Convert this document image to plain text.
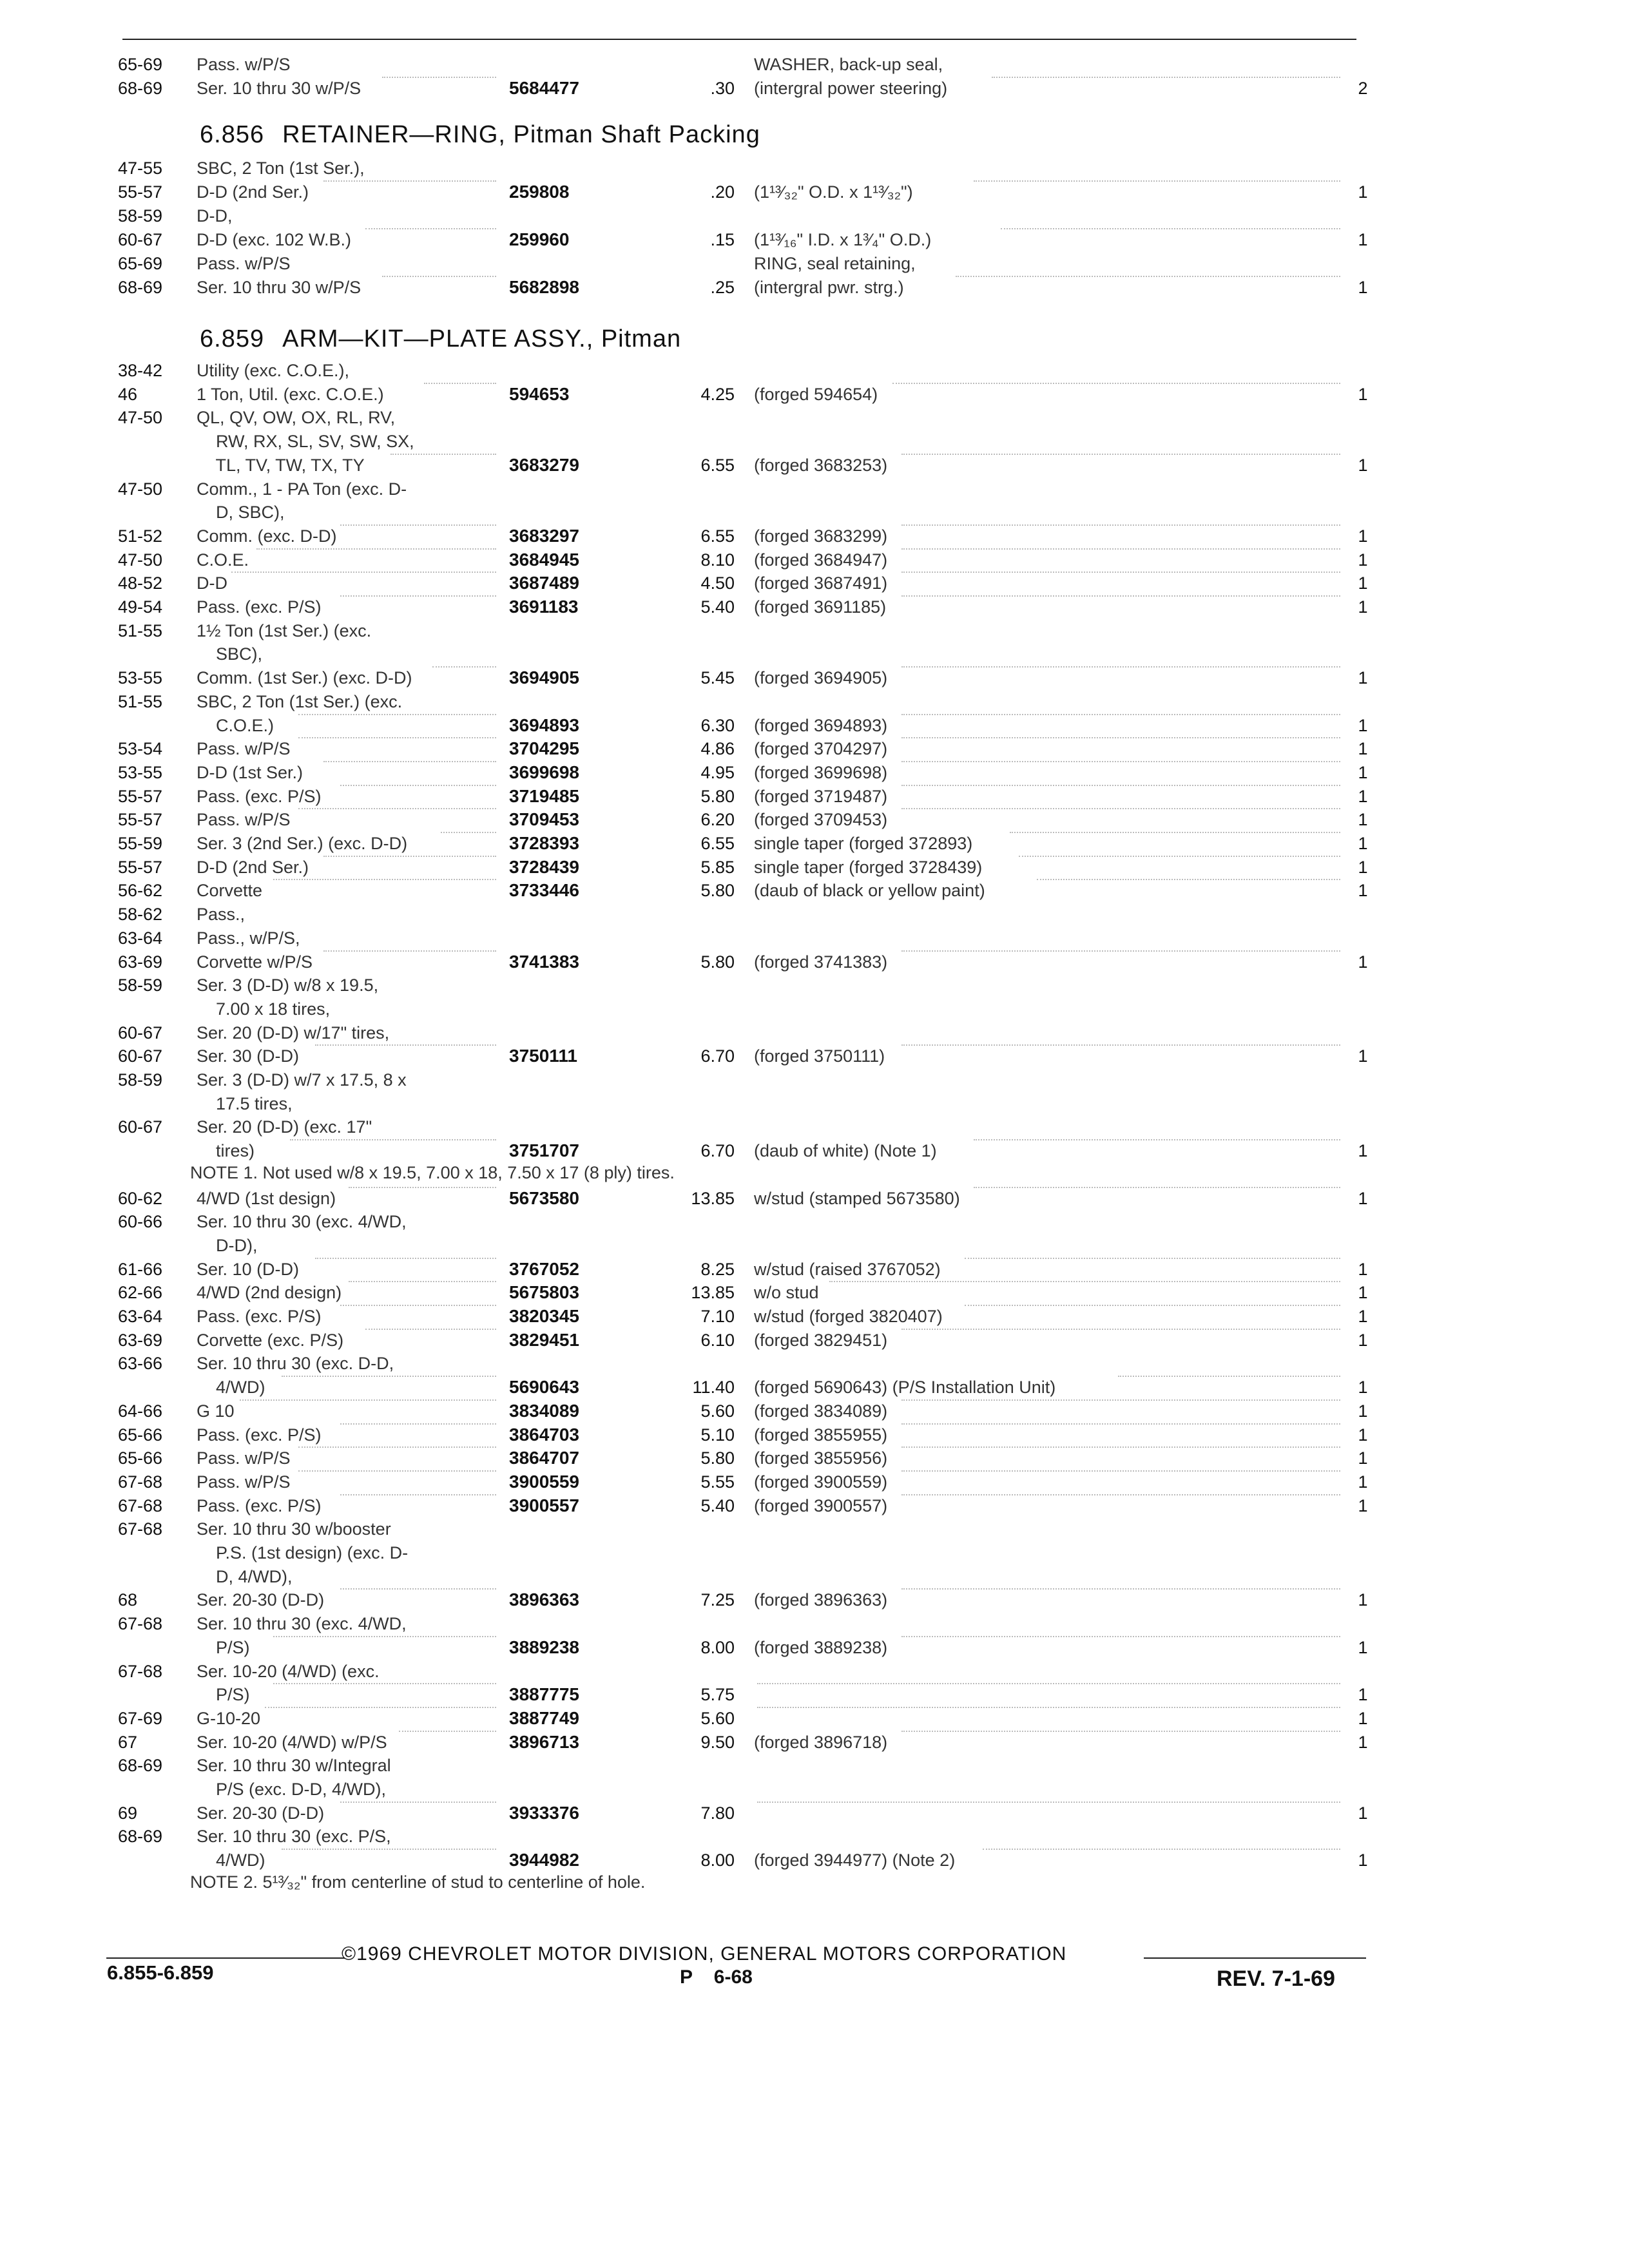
65-69	Pass. w/P/S	WASHER, back-up seal,
68-69	Ser. 10 thru 30 w/P/S	5684477	.30 (intergral power steering)	2
6.856 RETAINER—RING, Pitman Shaft Packing
47-55	SBC, 2 Ton (1st Ser.),
55-57	D-D (2nd Ser.)	259808	.20 (1¹³⁄₃₂" O.D. x 1¹³⁄₃₂")	1
58-59	D-D,
60-67	D-D (exc. 102 W.B.)	259960	.15 (1¹³⁄₁₆" I.D. x 1³⁄₄" O.D.)	1
65-69	Pass. w/P/S	RING, seal retaining,
68-69	Ser. 10 thru 30 w/P/S	5682898	.25 (intergral pwr. strg.)	1
6.859 ARM—KIT—PLATE ASSY., Pitman
38-42	Utility (exc. C.O.E.),
46	1 Ton, Util. (exc. C.O.E.)	594653	4.25 (forged 594654)	1
47-50	QL, QV, OW, OX, RL, RV,
RW, RX, SL, SV, SW, SX,
TL, TV, TW, TX, TY	3683279	6.55 (forged 3683253)	1
47-50	Comm., 1 - PA Ton (exc. D-
D, SBC),
51-52	Comm. (exc. D-D)	3683297	6.55 (forged 3683299)	1
47-50	C.O.E.	3684945	8.10 (forged 3684947)	1
48-52	D-D	3687489	4.50 (forged 3687491)	1
49-54	Pass. (exc. P/S)	3691183	5.40 (forged 3691185)	1
51-55	1½ Ton (1st Ser.) (exc.
SBC),
53-55	Comm. (1st Ser.) (exc. D-D)	3694905	5.45 (forged 3694905)	1
51-55	SBC, 2 Ton (1st Ser.) (exc.
C.O.E.)	3694893	6.30 (forged 3694893)	1
53-54	Pass. w/P/S	3704295	4.86 (forged 3704297)	1
53-55	D-D (1st Ser.)	3699698	4.95 (forged 3699698)	1
55-57	Pass. (exc. P/S)	3719485	5.80 (forged 3719487)	1
55-57	Pass. w/P/S	3709453	6.20 (forged 3709453)	1
55-59	Ser. 3 (2nd Ser.) (exc. D-D)	3728393	6.55 single taper (forged 372893)	1
55-57	D-D (2nd Ser.)	3728439	5.85 single taper (forged 3728439)	1
56-62	Corvette	3733446	5.80 (daub of black or yellow paint)	1
58-62	Pass.,
63-64	Pass., w/P/S,
63-69	Corvette w/P/S	3741383	5.80 (forged 3741383)	1
58-59	Ser. 3 (D-D) w/8 x 19.5,
7.00 x 18 tires,
60-67	Ser. 20 (D-D) w/17" tires,
60-67	Ser. 30 (D-D)	3750111	6.70 (forged 3750111)	1
58-59	Ser. 3 (D-D) w/7 x 17.5, 8 x
17.5 tires,
60-67	Ser. 20 (D-D) (exc. 17"
tires)	3751707	6.70 (daub of white) (Note 1)	1
NOTE 1. Not used w/8 x 19.5, 7.00 x 18, 7.50 x 17 (8 ply) tires.
60-62	4/WD (1st design)	5673580	13.85 w/stud (stamped 5673580)	1
60-66	Ser. 10 thru 30 (exc. 4/WD,
D-D),
61-66	Ser. 10 (D-D)	3767052	8.25 w/stud (raised 3767052)	1
62-66	4/WD (2nd design)	5675803	13.85 w/o stud	1
63-64	Pass. (exc. P/S)	3820345	7.10 w/stud (forged 3820407)	1
63-69	Corvette (exc. P/S)	3829451	6.10 (forged 3829451)	1
63-66	Ser. 10 thru 30 (exc. D-D,
4/WD)	5690643	11.40 (forged 5690643) (P/S Installation Unit)	1
64-66	G 10	3834089	5.60 (forged 3834089)	1
65-66	Pass. (exc. P/S)	3864703	5.10 (forged 3855955)	1
65-66	Pass. w/P/S	3864707	5.80 (forged 3855956)	1
67-68	Pass. w/P/S	3900559	5.55 (forged 3900559)	1
67-68	Pass. (exc. P/S)	3900557	5.40 (forged 3900557)	1
67-68	Ser. 10 thru 30 w/booster
P.S. (1st design) (exc. D-
D, 4/WD),
68	Ser. 20-30 (D-D)	3896363	7.25 (forged 3896363)	1
67-68	Ser. 10 thru 30 (exc. 4/WD,
P/S)	3889238	8.00 (forged 3889238)	1
67-68	Ser. 10-20 (4/WD) (exc.
P/S)	3887775	5.75	1
67-69	G-10-20	3887749	5.60	1
67	Ser. 10-20 (4/WD) w/P/S	3896713	9.50 (forged 3896718)	1
68-69	Ser. 10 thru 30 w/Integral
P/S (exc. D-D, 4/WD),
69	Ser. 20-30 (D-D)	3933376	7.80	1
68-69	Ser. 10 thru 30 (exc. P/S,
4/WD)	3944982	8.00 (forged 3944977) (Note 2)	1
NOTE 2. 5¹³⁄₃₂" from centerline of stud to centerline of hole.
©1969 CHEVROLET MOTOR DIVISION, GENERAL MOTORS CORPORATION
6.855-6.859	P    6-68	REV. 7-1-69
